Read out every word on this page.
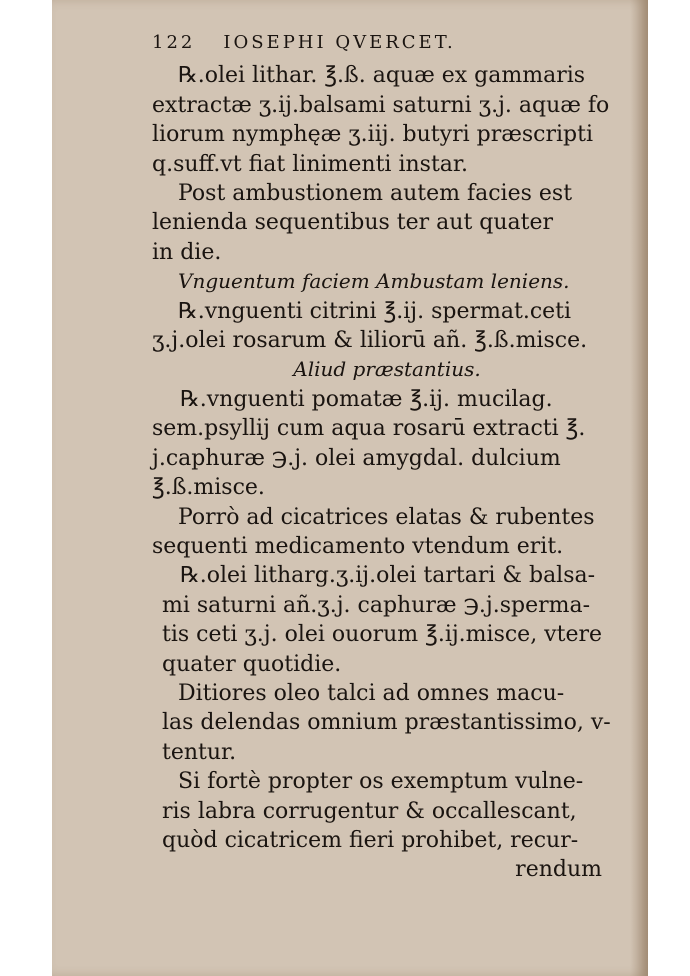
122 IOSEPHI QVERCET.
℞.olei lithar. ℥.ß. aquæ ex gammaris
extractæ ʒ.ij.balsami saturni ʒ.j. aquæ fo
liorum nymphęæ ʒ.iij. butyri præscripti
q.suff.vt fiat linimenti instar.
Post ambustionem autem facies est
lenienda sequentibus ter aut quater
in die.
Vnguentum faciem Ambustam leniens.
℞.vnguenti citrini ℥.ij. spermat.ceti
ʒ.j.olei rosarum & liliorū añ. ℥.ß.misce.
Aliud præstantius.
℞.vnguenti pomatæ ℥.ij. mucilag.
sem.psyllij cum aqua rosarū extracti ℥.
j.caphuræ ℈.j. olei amygdal. dulcium
℥.ß.misce.
Porrò ad cicatrices elatas & rubentes
sequenti medicamento vtendum erit.
℞.olei litharg.ʒ.ij.olei tartari & balsa-
mi saturni añ.ʒ.j. caphuræ ℈.j.sperma-
tis ceti ʒ.j. olei ouorum ℥.ij.misce, vtere
quater quotidie.
Ditiores oleo talci ad omnes macu-
las delendas omnium præstantissimo, v-
tentur.
Si fortè propter os exemptum vulne-
ris labra corrugentur & occallescant,
quòd cicatricem fieri prohibet, recur-
rendum
